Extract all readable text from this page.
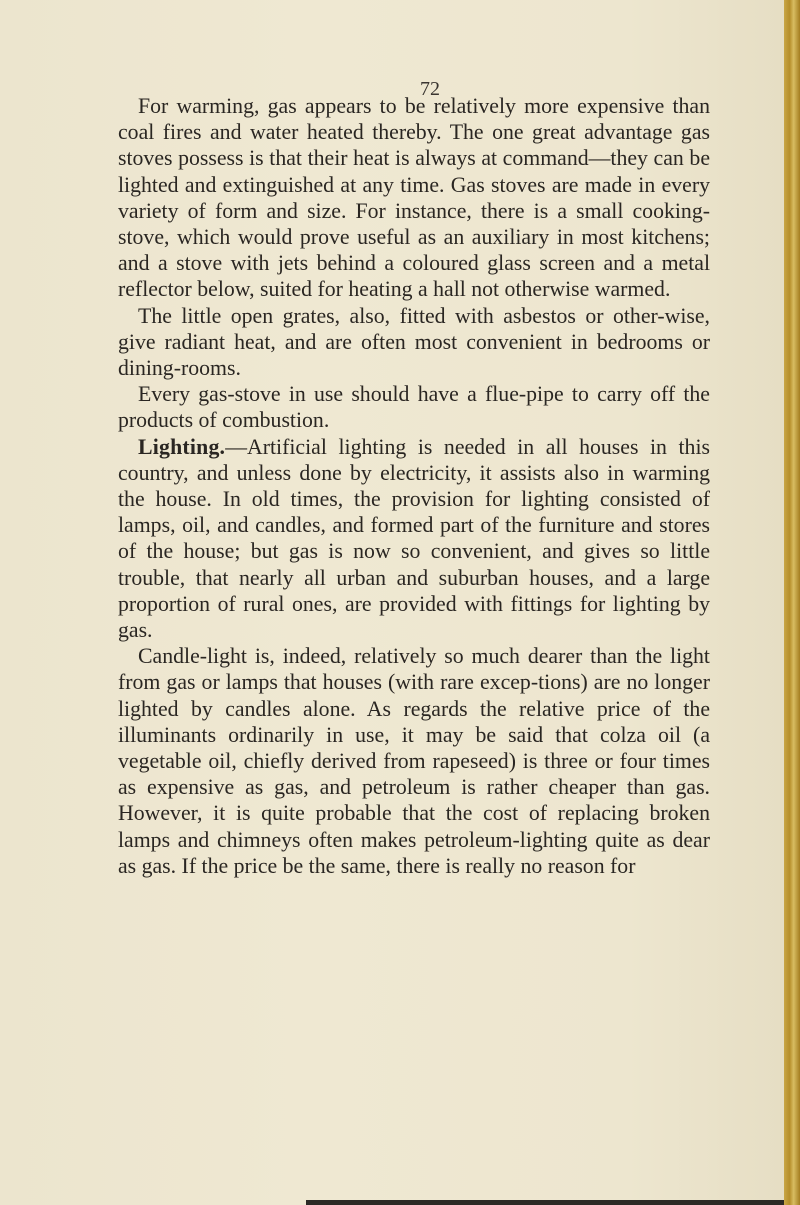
72

For warming, gas appears to be relatively more expensive than coal fires and water heated thereby. The one great advantage gas stoves possess is that their heat is always at command—they can be lighted and extinguished at any time. Gas stoves are made in every variety of form and size. For instance, there is a small cooking-stove, which would prove useful as an auxiliary in most kitchens; and a stove with jets behind a coloured glass screen and a metal reflector below, suited for heating a hall not otherwise warmed.

The little open grates, also, fitted with asbestos or other-wise, give radiant heat, and are often most convenient in bedrooms or dining-rooms.

Every gas-stove in use should have a flue-pipe to carry off the products of combustion.

Lighting.—Artificial lighting is needed in all houses in this country, and unless done by electricity, it assists also in warming the house. In old times, the provision for lighting consisted of lamps, oil, and candles, and formed part of the furniture and stores of the house; but gas is now so convenient, and gives so little trouble, that nearly all urban and suburban houses, and a large proportion of rural ones, are provided with fittings for lighting by gas.

Candle-light is, indeed, relatively so much dearer than the light from gas or lamps that houses (with rare excep-tions) are no longer lighted by candles alone. As regards the relative price of the illuminants ordinarily in use, it may be said that colza oil (a vegetable oil, chiefly derived from rapeseed) is three or four times as expensive as gas, and petroleum is rather cheaper than gas. However, it is quite probable that the cost of replacing broken lamps and chimneys often makes petroleum-lighting quite as dear as gas. If the price be the same, there is really no reason for
